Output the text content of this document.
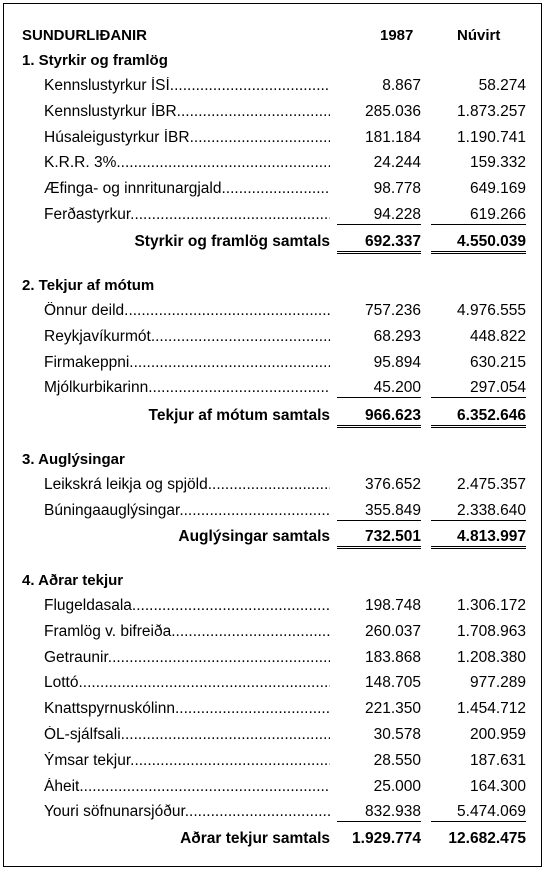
SUNDURLIÐANIR	1987	Núvirt
1. Styrkir og framlög
Kennslustyrkur ÍSÍ .....	8.867	58.274
Kennslustyrkur ÍBR .....	285.036	1.873.257
Húsaleigustyrkur ÍBR .....	181.184	1.190.741
K.R.R. 3% .....	24.244	159.332
Æfinga- og innritunargjald .....	98.778	649.169
Ferðastyrkur .....	94.228	619.266
Styrkir og framlög samtals	692.337	4.550.039
2. Tekjur af mótum
Önnur deild .....	757.236	4.976.555
Reykjavíkurmót .....	68.293	448.822
Firmakeppni .....	95.894	630.215
Mjólkurbikarinn .....	45.200	297.054
Tekjur af mótum samtals	966.623	6.352.646
3. Auglýsingar
Leikskrá leikja og spjöld .....	376.652	2.475.357
Búningaauglýsingar .....	355.849	2.338.640
Auglýsingar samtals	732.501	4.813.997
4. Aðrar tekjur
Flugeldasala .....	198.748	1.306.172
Framlög v. bifreiða .....	260.037	1.708.963
Getraunir .....	183.868	1.208.380
Lottó .....	148.705	977.289
Knattspyrnuskólinn .....	221.350	1.454.712
ÓL-sjálfsali .....	30.578	200.959
Ýmsar tekjur .....	28.550	187.631
Áheit .....	25.000	164.300
Youri söfnunarsjóður .....	832.938	5.474.069
Aðrar tekjur samtals	1.929.774	12.682.475
